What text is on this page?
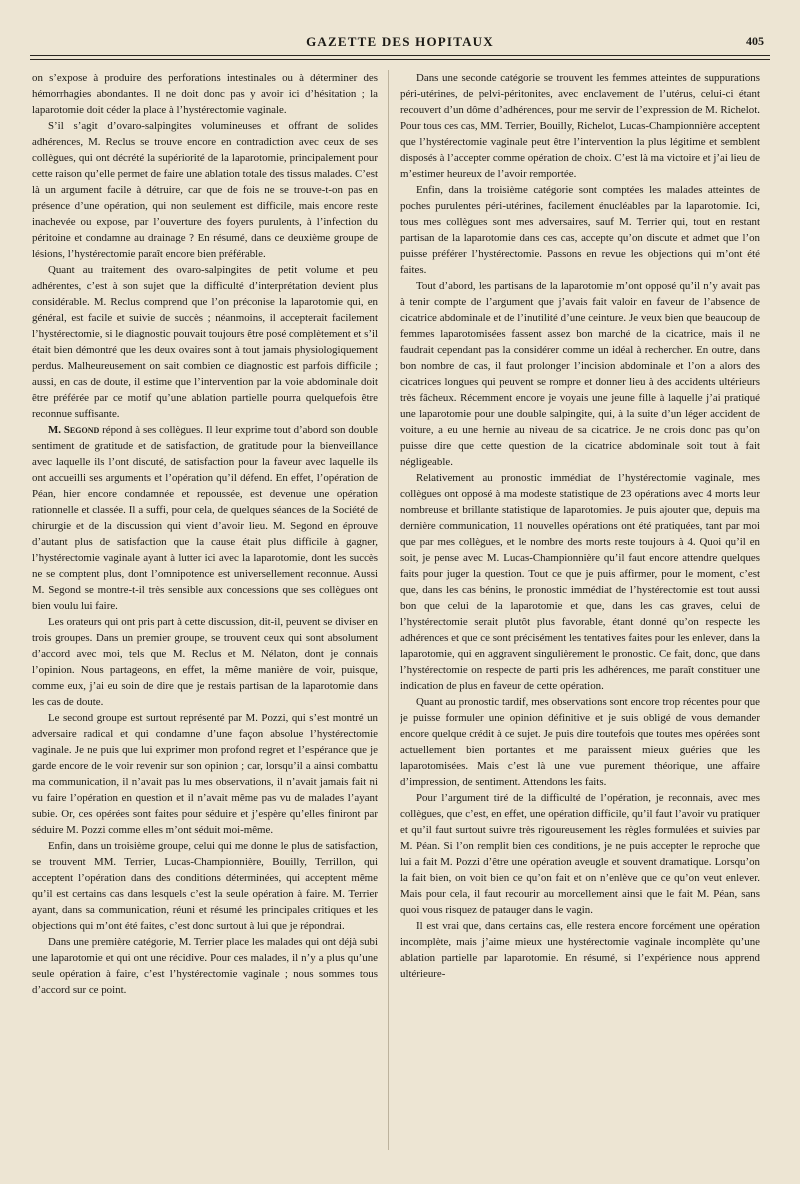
GAZETTE DES HOPITAUX	405

on s’expose à produire des perforations intestinales ou à déterminer des hémorrhagies abondantes. Il ne doit donc pas y avoir ici d’hésitation ; la laparotomie doit céder la place à l’hystérectomie vaginale.

S’il s’agit d’ovaro-salpingites volumineuses et offrant de solides adhérences, M. Reclus se trouve encore en contradiction avec ceux de ses collègues, qui ont décrété la supériorité de la laparotomie, principalement pour cette raison qu’elle permet de faire une ablation totale des tissus malades. C’est là un argument facile à détruire, car que de fois ne se trouve-t-on pas en présence d’une opération, qui non seulement est difficile, mais encore reste inachevée ou expose, par l’ouverture des foyers purulents, à l’infection du péritoine et condamne au drainage ? En résumé, dans ce deuxième groupe de lésions, l’hystérectomie paraît encore bien préférable.

Quant au traitement des ovaro-salpingites de petit volume et peu adhérentes, c’est à son sujet que la difficulté d’interprétation devient plus considérable. M. Reclus comprend que l’on préconise la laparotomie qui, en général, est facile et suivie de succès ; néanmoins, il accepterait facilement l’hystérectomie, si le diagnostic pouvait toujours être posé complètement et s’il était bien démontré que les deux ovaires sont à tout jamais physiologiquement perdus. Malheureusement on sait combien ce diagnostic est parfois difficile ; aussi, en cas de doute, il estime que l’intervention par la voie abdominale doit être préférée par ce motif qu’une ablation partielle pourra quelquefois être reconnue suffisante.

M. Segond répond à ses collègues. Il leur exprime tout d’abord son double sentiment de gratitude et de satisfaction, de gratitude pour la bienveillance avec laquelle ils l’ont discuté, de satisfaction pour la faveur avec laquelle ils ont accueilli ses arguments et l’opération qu’il défend. En effet, l’opération de Péan, hier encore condamnée et repoussée, est devenue une opération rationnelle et classée. Il a suffi, pour cela, de quelques séances de la Société de chirurgie et de la discussion qui vient d’avoir lieu. M. Segond en éprouve d’autant plus de satisfaction que la cause était plus difficile à gagner, l’hystérectomie vaginale ayant à lutter ici avec la laparotomie, dont les succès ne se comptent plus, dont l’omnipotence est universellement reconnue. Aussi M. Segond se montre-t-il très sensible aux concessions que ses collègues ont bien voulu lui faire.

Les orateurs qui ont pris part à cette discussion, dit-il, peuvent se diviser en trois groupes. Dans un premier groupe, se trouvent ceux qui sont absolument d’accord avec moi, tels que M. Reclus et M. Nélaton, dont je connais l’opinion. Nous partageons, en effet, la même manière de voir, puisque, comme eux, j’ai eu soin de dire que je restais partisan de la laparotomie dans les cas de doute.

Le second groupe est surtout représenté par M. Pozzi, qui s’est montré un adversaire radical et qui condamne d’une façon absolue l’hystérectomie vaginale. Je ne puis que lui exprimer mon profond regret et l’espérance que je garde encore de le voir revenir sur son opinion ; car, lorsqu’il a ainsi combattu ma communication, il n’avait pas lu mes observations, il n’avait jamais fait ni vu faire l’opération en question et il n’avait même pas vu de malades l’ayant subie. Or, ces opérées sont faites pour séduire et j’espère qu’elles finiront par séduire M. Pozzi comme elles m’ont séduit moi-même.

Enfin, dans un troisième groupe, celui qui me donne le plus de satisfaction, se trouvent MM. Terrier, Lucas-Championnière, Bouilly, Terrillon, qui acceptent l’opération dans des conditions déterminées, qui acceptent même qu’il est certains cas dans lesquels c’est la seule opération à faire. M. Terrier ayant, dans sa communication, réuni et résumé les principales critiques et les objections qui m’ont été faites, c’est donc surtout à lui que je répondrai.

Dans une première catégorie, M. Terrier place les malades qui ont déjà subi une laparotomie et qui ont une récidive. Pour ces malades, il n’y a plus qu’une seule opération à faire, c’est l’hystérectomie vaginale ; nous sommes tous d’accord sur ce point.

Dans une seconde catégorie se trouvent les femmes atteintes de suppurations péri-utérines, de pelvi-péritonites, avec enclavement de l’utérus, celui-ci étant recouvert d’un dôme d’adhérences, pour me servir de l’expression de M. Richelot. Pour tous ces cas, MM. Terrier, Bouilly, Richelot, Lucas-Championnière acceptent que l’hystérectomie vaginale peut être l’intervention la plus légitime et semblent disposés à l’accepter comme opération de choix. C’est là ma victoire et j’ai lieu de m’estimer heureux de l’avoir remportée.

Enfin, dans la troisième catégorie sont comptées les malades atteintes de poches purulentes péri-utérines, facilement énucléables par la laparotomie. Ici, tous mes collègues sont mes adversaires, sauf M. Terrier qui, tout en restant partisan de la laparotomie dans ces cas, accepte qu’on discute et admet que l’on puisse préférer l’hystérectomie. Passons en revue les objections qui m’ont été faites.

Tout d’abord, les partisans de la laparotomie m’ont opposé qu’il n’y avait pas à tenir compte de l’argument que j’avais fait valoir en faveur de l’absence de cicatrice abdominale et de l’inutilité d’une ceinture. Je veux bien que beaucoup de femmes laparotomisées fassent assez bon marché de la cicatrice, mais il ne faudrait cependant pas la considérer comme un idéal à rechercher. En outre, dans bon nombre de cas, il faut prolonger l’incision abdominale et l’on a alors des cicatrices longues qui peuvent se rompre et donner lieu à des accidents ultérieurs très fâcheux. Récemment encore je voyais une jeune fille à laquelle j’ai pratiqué une laparotomie pour une double salpingite, qui, à la suite d’un léger accident de voiture, a eu une hernie au niveau de sa cicatrice. Je ne crois donc pas qu’on puisse dire que cette question de la cicatrice abdominale soit tout à fait négligeable.

Relativement au pronostic immédiat de l’hystérectomie vaginale, mes collègues ont opposé à ma modeste statistique de 23 opérations avec 4 morts leur nombreuse et brillante statistique de laparotomies. Je puis ajouter que, depuis ma dernière communication, 11 nouvelles opérations ont été pratiquées, tant par moi que par mes collègues, et le nombre des morts reste toujours à 4. Quoi qu’il en soit, je pense avec M. Lucas-Championnière qu’il faut encore attendre quelques faits pour juger la question. Tout ce que je puis affirmer, pour le moment, c’est que, dans les cas bénins, le pronostic immédiat de l’hystérectomie est tout aussi bon que celui de la laparotomie et que, dans les cas graves, celui de l’hystérectomie serait plutôt plus favorable, étant donné qu’on respecte les adhérences et que ce sont précisément les tentatives faites pour les enlever, dans la laparotomie, qui en aggravent singulièrement le pronostic. Ce fait, donc, que dans l’hystérectomie on respecte de parti pris les adhérences, me paraît constituer une indication de plus en faveur de cette opération.

Quant au pronostic tardif, mes observations sont encore trop récentes pour que je puisse formuler une opinion définitive et je suis obligé de vous demander encore quelque crédit à ce sujet. Je puis dire toutefois que toutes mes opérées sont actuellement bien portantes et me paraissent mieux guéries que les laparotomisées. Mais c’est là une vue purement théorique, une affaire d’impression, de sentiment. Attendons les faits.

Pour l’argument tiré de la difficulté de l’opération, je reconnais, avec mes collègues, que c’est, en effet, une opération difficile, qu’il faut l’avoir vu pratiquer et qu’il faut surtout suivre très rigoureusement les règles formulées et suivies par M. Péan. Si l’on remplit bien ces conditions, je ne puis accepter le reproche que lui a fait M. Pozzi d’être une opération aveugle et souvent dramatique. Lorsqu’on la fait bien, on voit bien ce qu’on fait et on n’enlève que ce qu’on veut enlever. Mais pour cela, il faut recourir au morcellement ainsi que le fait M. Péan, sans quoi vous risquez de patauger dans le vagin.

Il est vrai que, dans certains cas, elle restera encore forcément une opération incomplète, mais j’aime mieux une hystérectomie vaginale incomplète qu’une ablation partielle par laparotomie. En résumé, si l’expérience nous apprend ultérieure-
